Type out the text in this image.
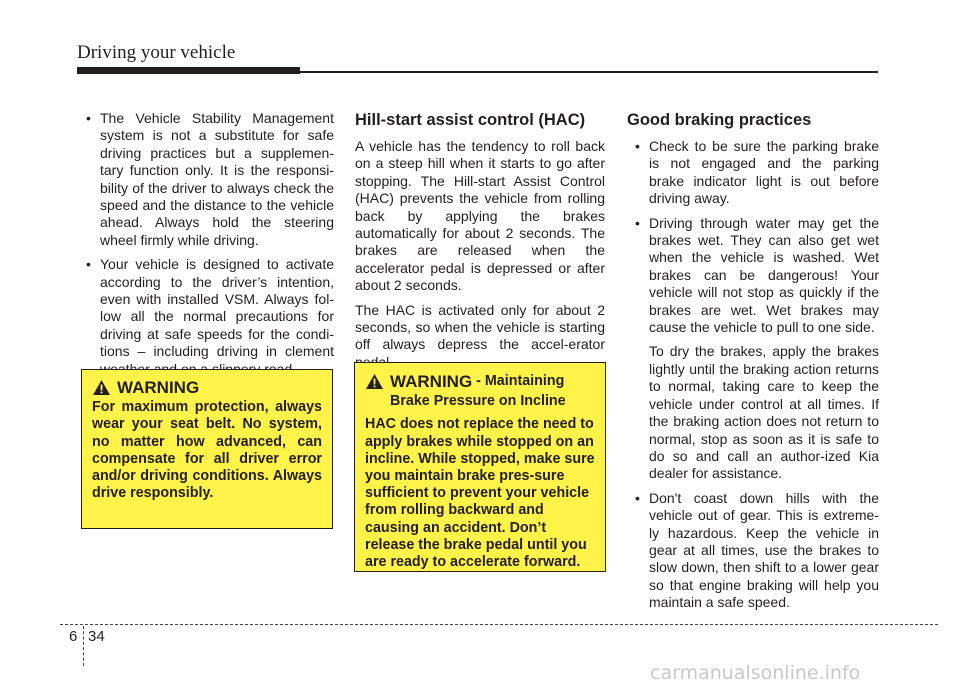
Driving your vehicle
• The Vehicle Stability Management system is not a substitute for safe driving practices but a supplemen-tary function only. It is the responsi-bility of the driver to always check the speed and the distance to the vehicle ahead. Always hold the steering wheel firmly while driving.
• Your vehicle is designed to activate according to the driver’s intention, even with installed VSM. Always fol-low all the normal precautions for driving at safe speeds for the condi-tions – including driving in clement
WARNING
For maximum protection, always wear your seat belt. No system, no matter how advanced, can compensate for all driver error and/or driving conditions. Always drive responsibly.
Hill-start assist control (HAC)

A vehicle has the tendency to roll back on a steep hill when it starts to go after stopping. The Hill-start Assist Control (HAC) prevents the vehicle from rolling back by applying the brakes automatically for about 2 seconds. The brakes are released when the accelerator pedal is depressed or after about 2 seconds.

The HAC is activated only for about 2 seconds, so when the vehicle is starting off always depress the accel-erator

WARNING
- Maintaining
Brake Pressure on Incline
HAC does not replace the need to apply brakes while stopped on an incline. While stopped, make sure you maintain brake pres-sure sufficient to prevent your vehicle from rolling backward and causing an accident. Don’t release the brake pedal until you are ready to accelerate forward.
Good braking practices
• Check to be sure the parking brake is not engaged and the parking brake indicator light is out before driving away.
• Driving through water may get the brakes wet. They can also get wet when the vehicle is washed. Wet brakes can be dangerous! Your vehicle will not stop as quickly if the brakes are wet. Wet brakes may cause the vehicle to pull to one side.

To dry the brakes, apply the brakes lightly until the braking action returns to normal, taking care to keep the vehicle under control at all times. If the braking action does not return to normal, stop as soon as it is safe to do so and call an author-ized Kia dealer for assistance.

• Don't coast down hills with the vehicle out of gear. This is extreme-ly hazardous. Keep the vehicle in gear at all times, use the brakes to slow down, then shift to a lower gear so that engine braking will help you maintain a safe speed.
6 34
carmanualsonline.info
